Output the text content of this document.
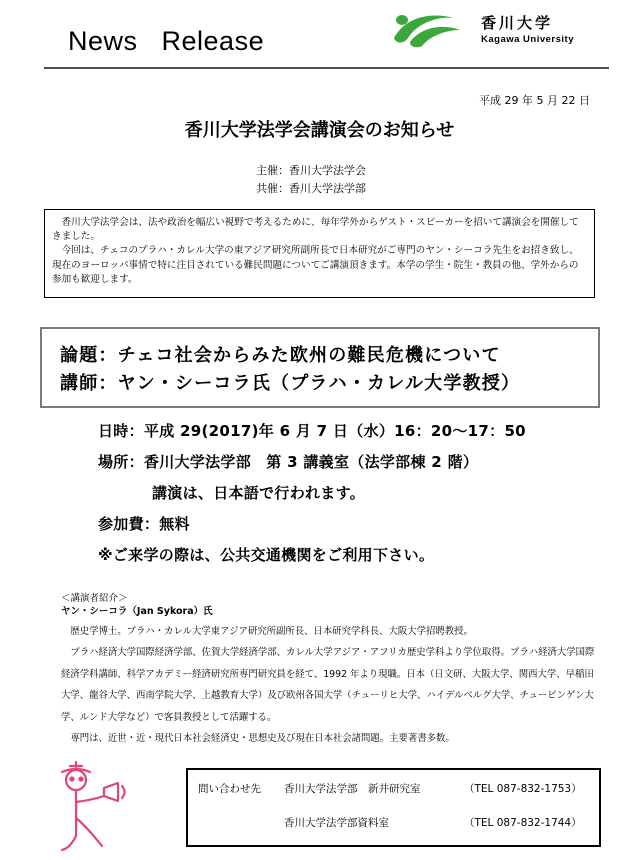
News   Release
香川大学
Kagawa University
平成 29 年 5 月 22 日
香川大学法学会講演会のお知らせ
主催：香川大学法学会
共催：香川大学法学部

香川大学法学会は、法や政治を幅広い視野で考えるために、毎年学外からゲスト・スピーカーを招いて講演会を開催してきました。

今回は、チェコのプラハ・カレル大学の東アジア研究所副所長で日本研究がご専門のヤン・シーコラ先生をお招き致し、現在のヨーロッパ事情で特に注目されている難民問題についてご講演頂きます。本学の学生・院生・教員の他、学外からの参加も歓迎します。

論題：チェコ社会からみた欧州の難民危機について
講師：ヤン・シーコラ氏（プラハ・カレル大学教授）
日時：平成 29(2017)年 6 月 7 日（水）16：20～17：50
場所：香川大学法学部　第 3 講義室（法学部棟 2 階）
講演は、日本語で行われます。
参加費：無料
※ご来学の際は、公共交通機関をご利用下さい。
＜講演者紹介＞
ヤン・シーコラ（Jan Sykora）氏

歴史学博士。プラハ・カレル大学東アジア研究所副所長、日本研究学科長、大阪大学招聘教授。

プラハ経済大学国際経済学部、佐賀大学経済学部、カレル大学アジア・アフリカ歴史学科より学位取得。プラハ経済大学国際経済学科講師、科学アカデミー経済研究所専門研究員を経て、1992 年より現職。日本（日文研、大阪大学、関西大学、早稲田大学、龍谷大学、西南学院大学、上越教育大学）及び欧州各国大学（チューリヒ大学、ハイデルベルグ大学、チュービンゲン大学、ルンド大学など）で客員教授として活躍する。

専門は、近世・近・現代日本社会経済史・思想史及び現在日本社会諸問題。主要著書多数。

問い合わせ先 香川大学法学部　新井研究室	（TEL 087-832-1753）
香川大学法学部資料室	（TEL 087-832-1744）
